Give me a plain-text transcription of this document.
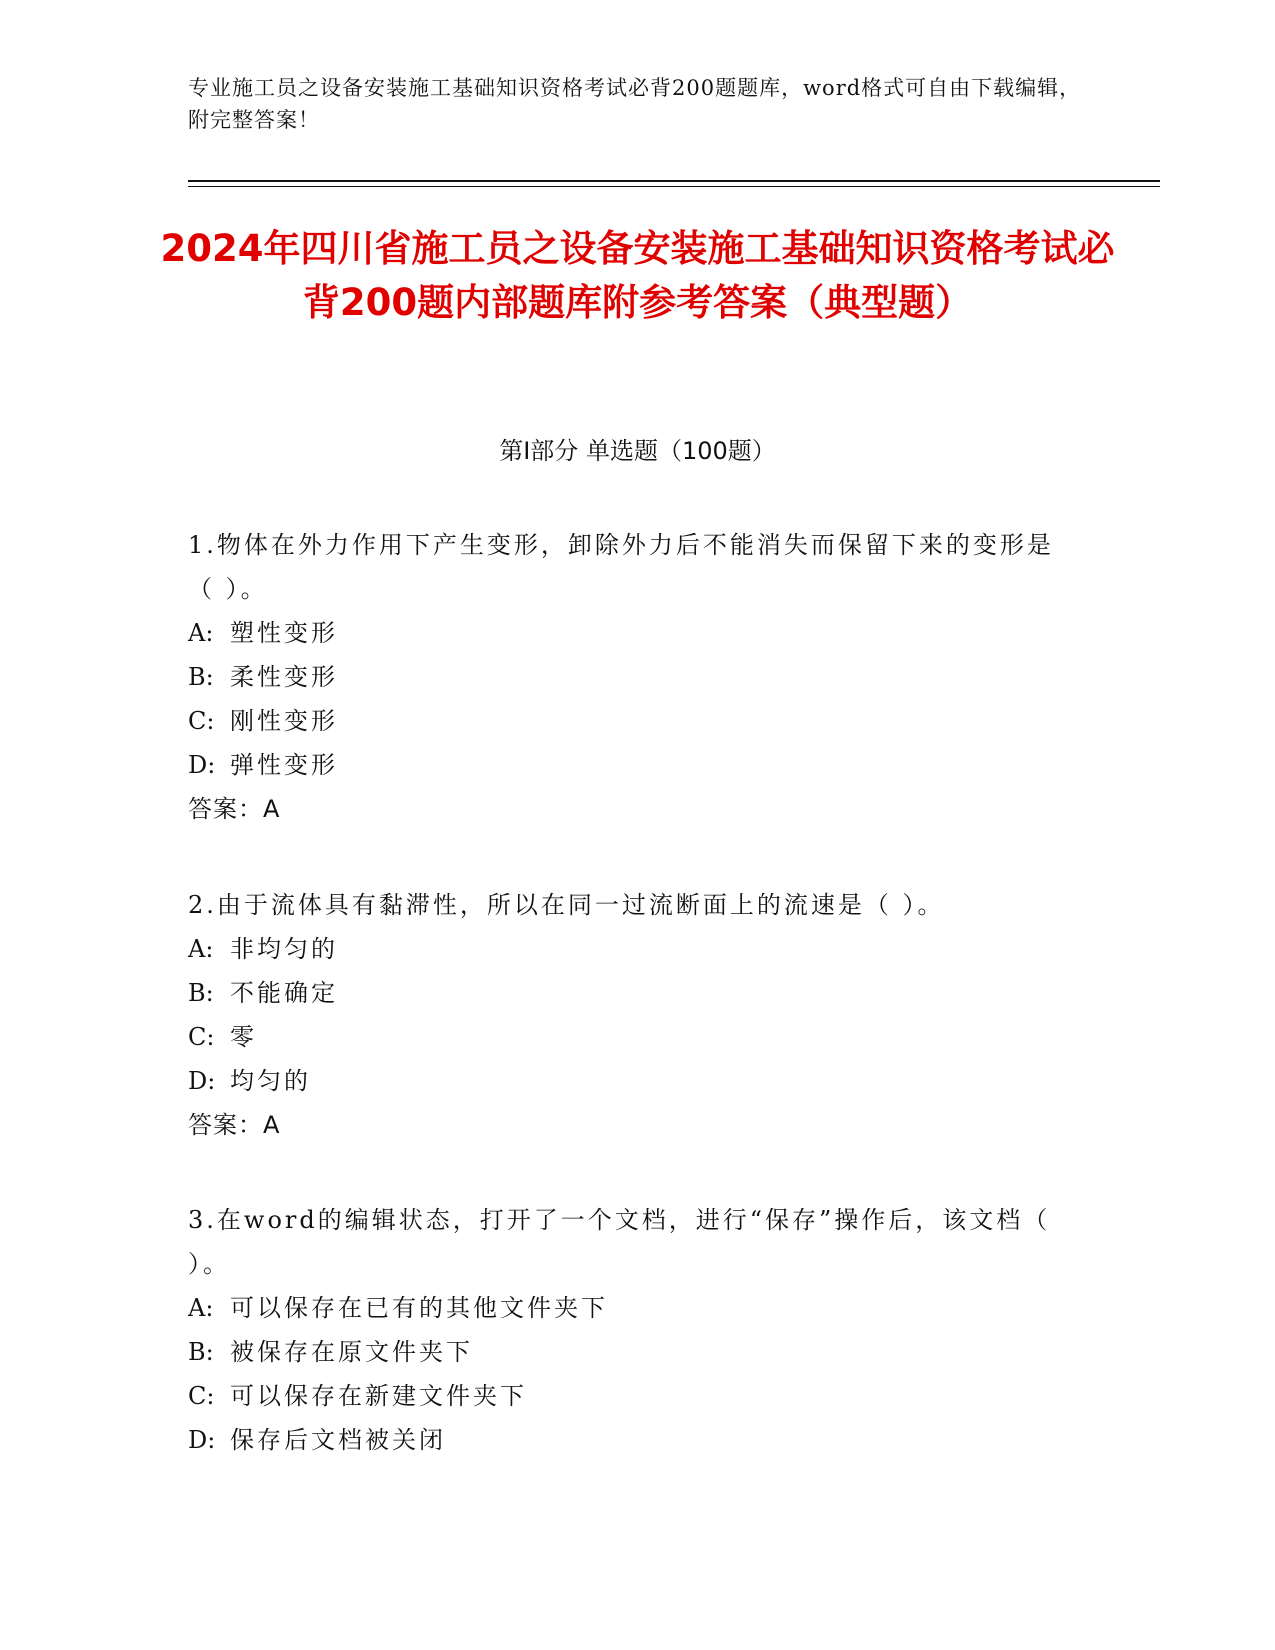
专业施工员之设备安装施工基础知识资格考试必背200题题库，word格式可自由下载编辑，附完整答案！
2024年四川省施工员之设备安装施工基础知识资格考试必背200题内部题库附参考答案（典型题）
第I部分 单选题（100题）

1.物体在外力作用下产生变形，卸除外力后不能消失而保留下来的变形是（ ）。

A: 塑性变形

B: 柔性变形

C: 刚性变形

D: 弹性变形

答案：A

2.由于流体具有黏滞性，所以在同一过流断面上的流速是（ ）。

A: 非均匀的

B: 不能确定

C: 零

D: 均匀的

答案：A

3.在word的编辑状态，打开了一个文档，进行“保存”操作后，该文档（ ）。

A: 可以保存在已有的其他文件夹下

B: 被保存在原文件夹下

C: 可以保存在新建文件夹下

D: 保存后文档被关闭
